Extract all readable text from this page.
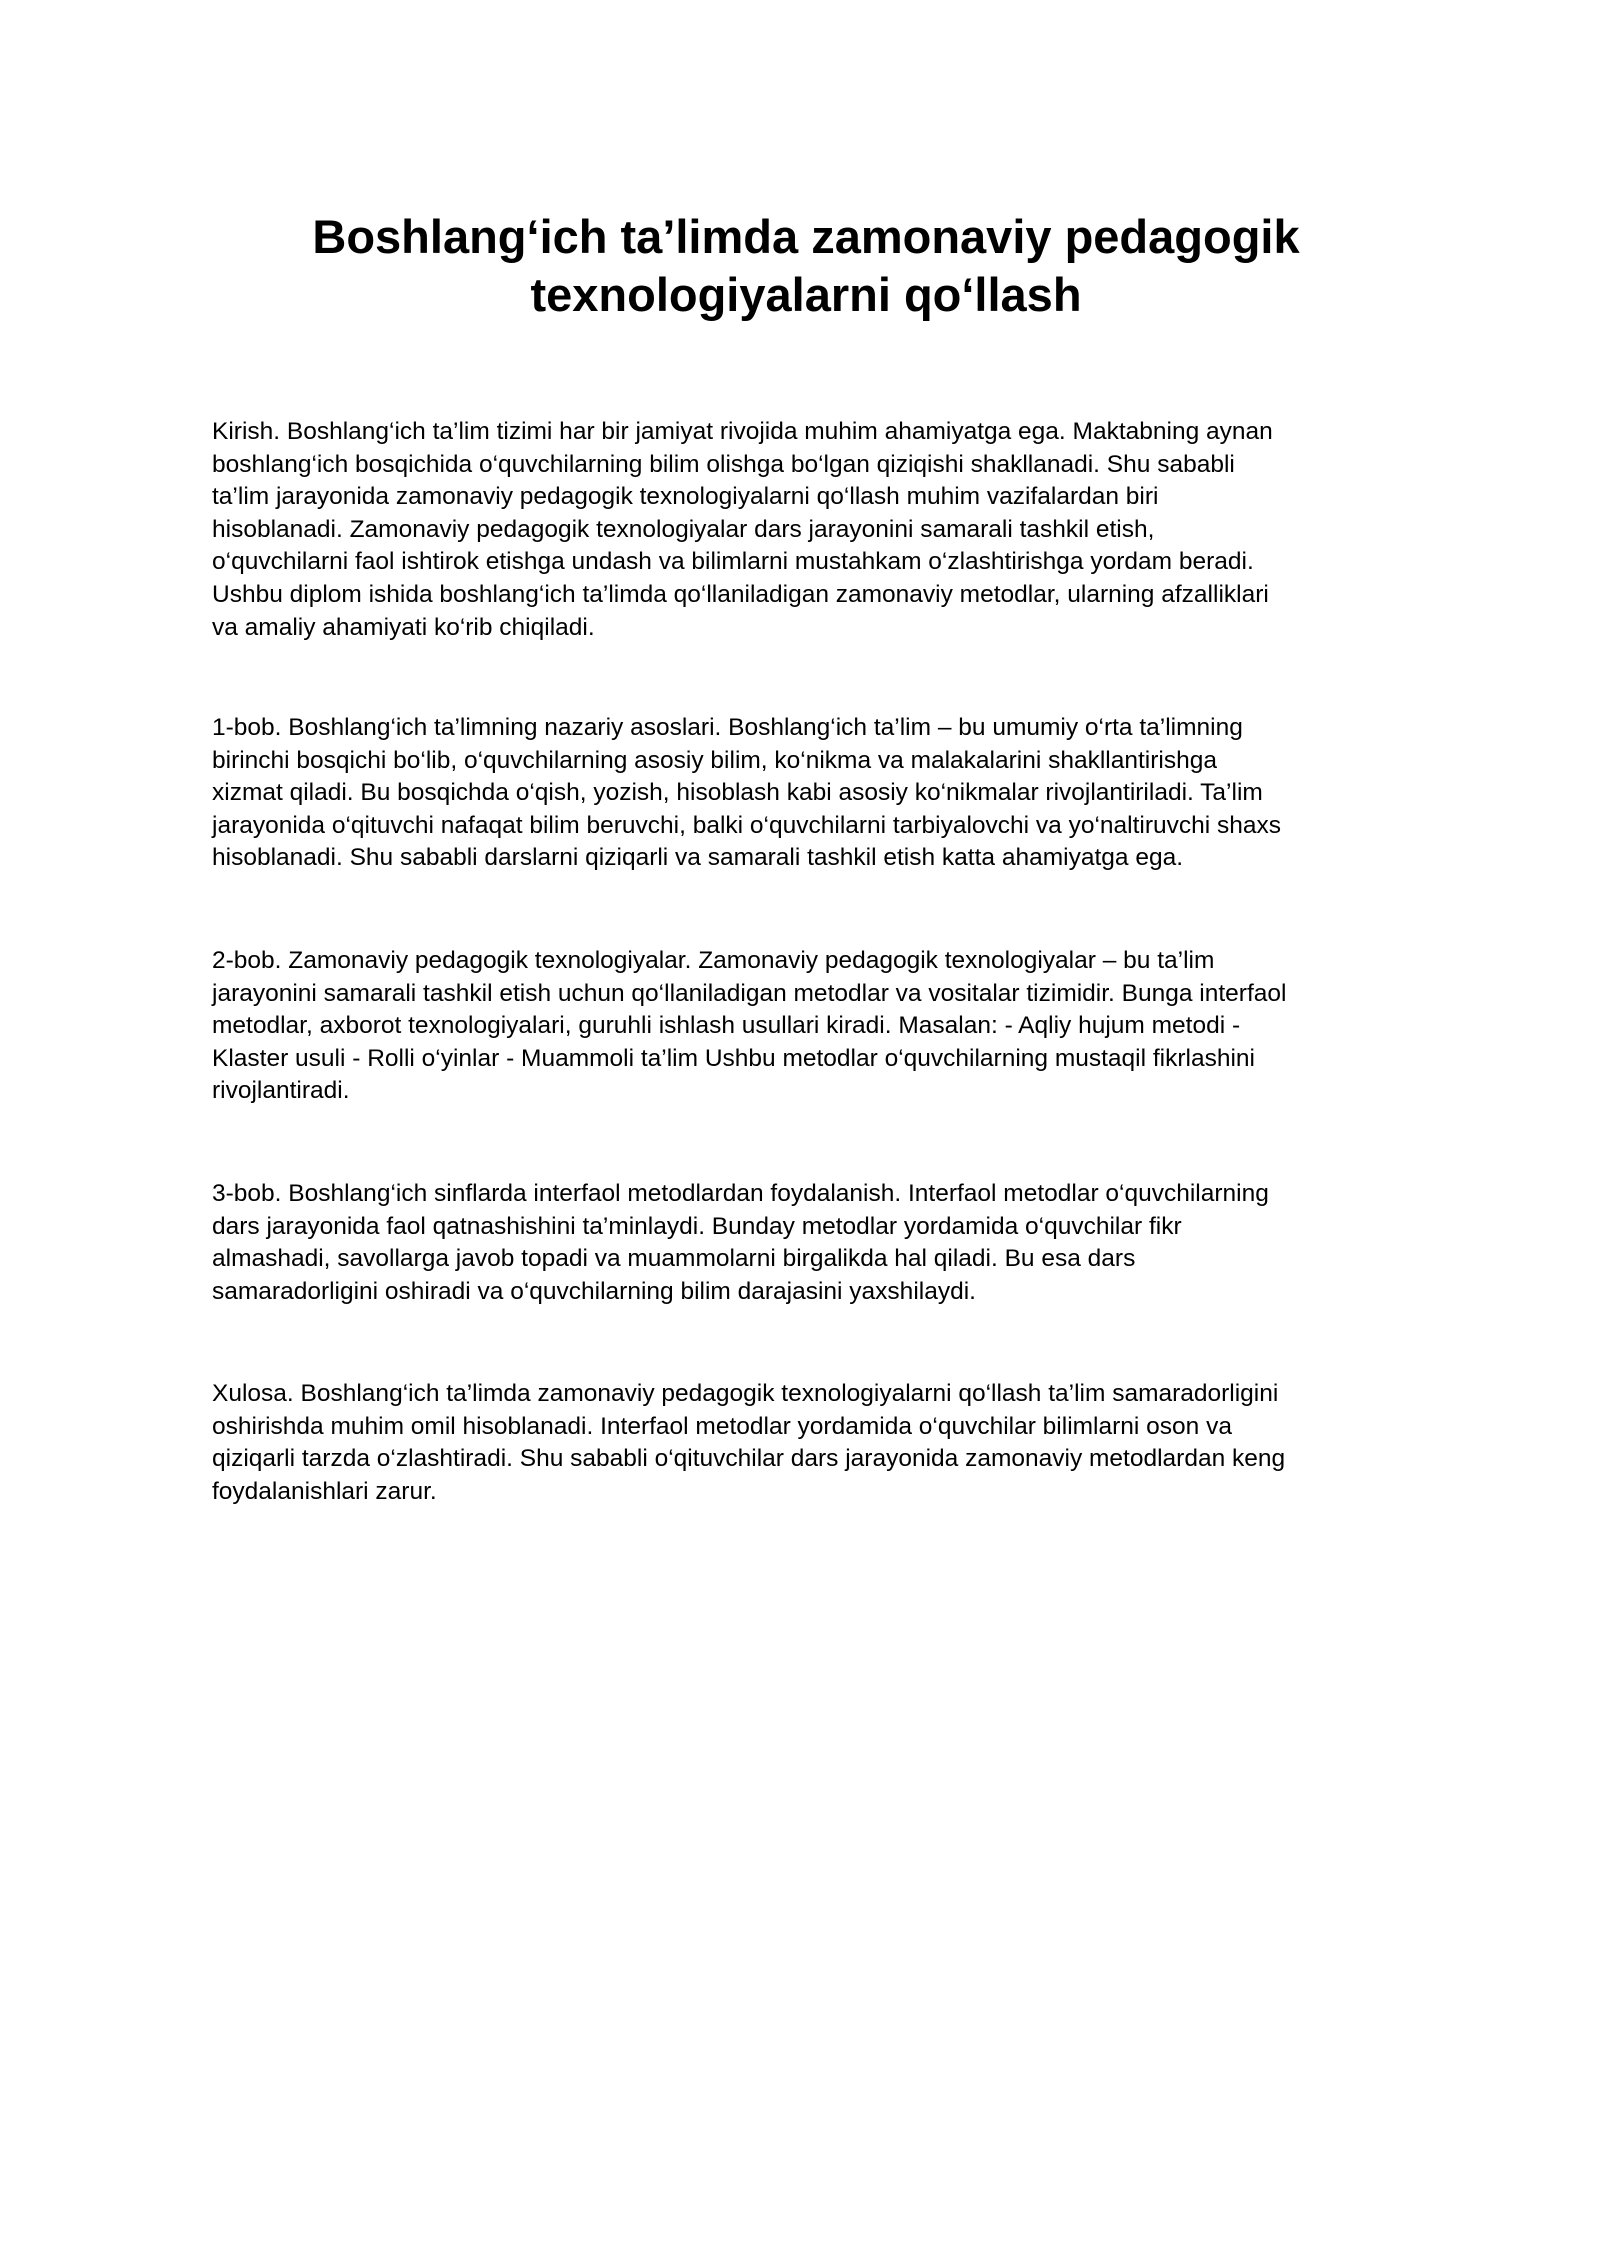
Boshlang‘ich ta’limda zamonaviy pedagogik
texnologiyalarni qo‘llash

Kirish. Boshlang‘ich ta’lim tizimi har bir jamiyat rivojida muhim ahamiyatga ega. Maktabning aynan
boshlang‘ich bosqichida o‘quvchilarning bilim olishga bo‘lgan qiziqishi shakllanadi. Shu sababli
ta’lim jarayonida zamonaviy pedagogik texnologiyalarni qo‘llash muhim vazifalardan biri
hisoblanadi. Zamonaviy pedagogik texnologiyalar dars jarayonini samarali tashkil etish,
o‘quvchilarni faol ishtirok etishga undash va bilimlarni mustahkam o‘zlashtirishga yordam beradi.
Ushbu diplom ishida boshlang‘ich ta’limda qo‘llaniladigan zamonaviy metodlar, ularning afzalliklari
va amaliy ahamiyati ko‘rib chiqiladi.

1-bob. Boshlang‘ich ta’limning nazariy asoslari. Boshlang‘ich ta’lim – bu umumiy o‘rta ta’limning
birinchi bosqichi bo‘lib, o‘quvchilarning asosiy bilim, ko‘nikma va malakalarini shakllantirishga
xizmat qiladi. Bu bosqichda o‘qish, yozish, hisoblash kabi asosiy ko‘nikmalar rivojlantiriladi. Ta’lim
jarayonida o‘qituvchi nafaqat bilim beruvchi, balki o‘quvchilarni tarbiyalovchi va yo‘naltiruvchi shaxs
hisoblanadi. Shu sababli darslarni qiziqarli va samarali tashkil etish katta ahamiyatga ega.

2-bob. Zamonaviy pedagogik texnologiyalar. Zamonaviy pedagogik texnologiyalar – bu ta’lim
jarayonini samarali tashkil etish uchun qo‘llaniladigan metodlar va vositalar tizimidir. Bunga interfaol
metodlar, axborot texnologiyalari, guruhli ishlash usullari kiradi. Masalan: - Aqliy hujum metodi -
Klaster usuli - Rolli o‘yinlar - Muammoli ta’lim Ushbu metodlar o‘quvchilarning mustaqil fikrlashini
rivojlantiradi.

3-bob. Boshlang‘ich sinflarda interfaol metodlardan foydalanish. Interfaol metodlar o‘quvchilarning
dars jarayonida faol qatnashishini ta’minlaydi. Bunday metodlar yordamida o‘quvchilar fikr
almashadi, savollarga javob topadi va muammolarni birgalikda hal qiladi. Bu esa dars
samaradorligini oshiradi va o‘quvchilarning bilim darajasini yaxshilaydi.

Xulosa. Boshlang‘ich ta’limda zamonaviy pedagogik texnologiyalarni qo‘llash ta’lim samaradorligini
oshirishda muhim omil hisoblanadi. Interfaol metodlar yordamida o‘quvchilar bilimlarni oson va
qiziqarli tarzda o‘zlashtiradi. Shu sababli o‘qituvchilar dars jarayonida zamonaviy metodlardan keng
foydalanishlari zarur.
